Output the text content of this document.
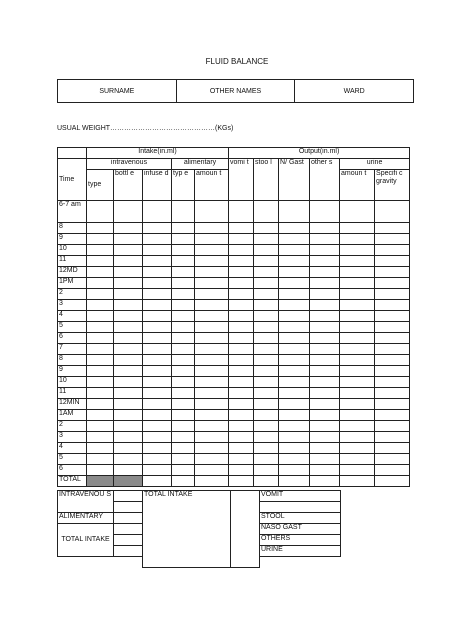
FLUID BALANCE
SURNAME	OTHER NAMES	WARD
USUAL WEIGHT………………………………………(KGs)
	Intake(in.ml)					Output(in.ml)					
Time	intravenous			alimentary		vomi t	stoo l	N/ Gast	other s	urine	
	type	bottl e	infuse d	typ e	amoun t					amoun t	Specifi c gravity
6-7 am											
8											
9											
10											
11											
12MD											
1PM											
2											
3											
4											
5											
6											
7											
8											
9											
10											
11											
12MIN											
1AM											
2											
3											
4											
5											
6											
TOTAL											
INTRAVENOU S		TOTAL INTAKE		VOMIT	

ALIMENTARY				STOOL	
TOTAL INTAKE				NASO GAST	
				OTHERS	
				URINE	
